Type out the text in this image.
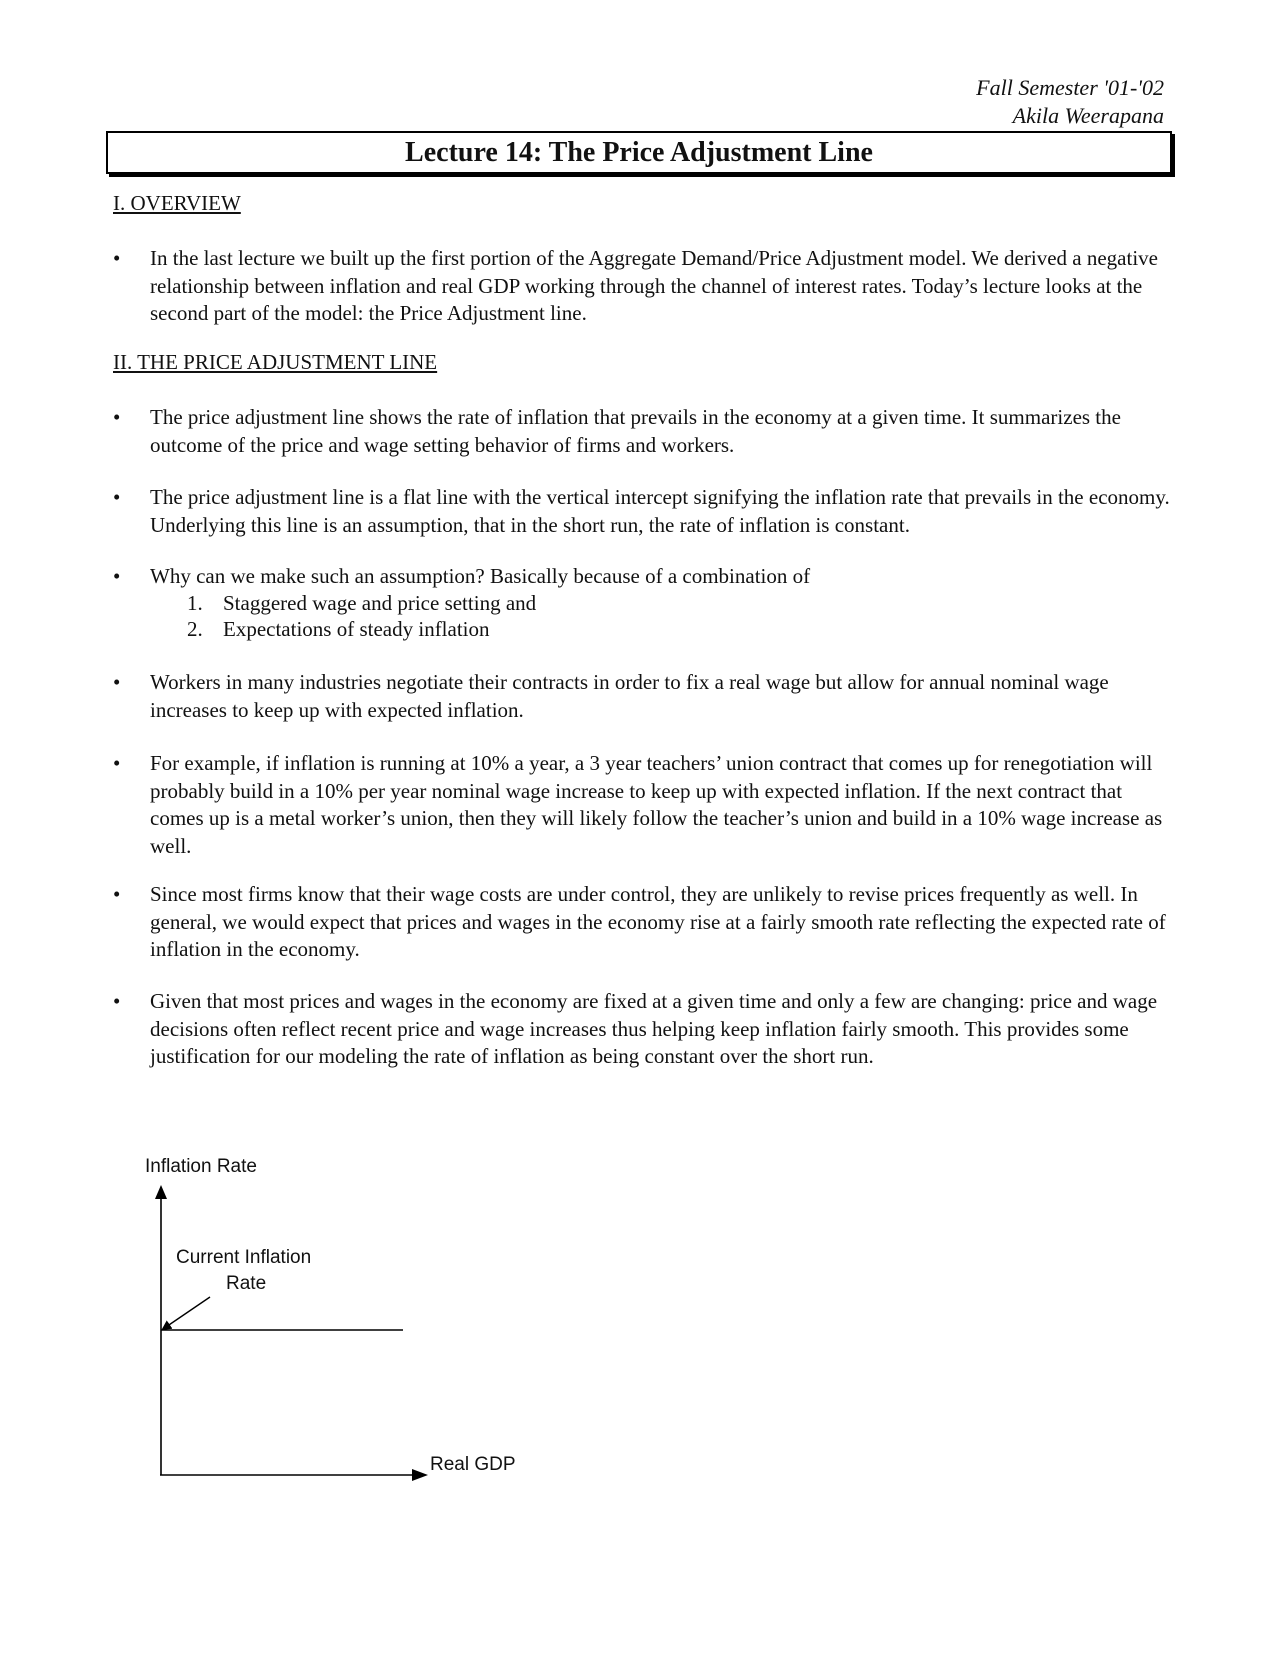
Fall Semester '01-'02
Akila Weerapana
Lecture 14: The Price Adjustment Line
I. OVERVIEW
•	In the last lecture we built up the first portion of the Aggregate Demand/Price Adjustment model. We derived a negative relationship between inflation and real GDP working through the channel of interest rates. Today’s lecture looks at the second part of the model: the Price Adjustment line.
II. THE PRICE ADJUSTMENT LINE
•	The price adjustment line shows the rate of inflation that prevails in the economy at a given time. It summarizes the outcome of the price and wage setting behavior of firms and workers.
•	The price adjustment line is a flat line with the vertical intercept signifying the inflation rate that prevails in the economy. Underlying this line is an assumption, that in the short run, the rate of inflation is constant.
•	Why can we make such an assumption? Basically because of a combination of
1. Staggered wage and price setting and
2. Expectations of steady inflation
•	Workers in many industries negotiate their contracts in order to fix a real wage but allow for annual nominal wage increases to keep up with expected inflation.
•	For example, if inflation is running at 10% a year, a 3 year teachers’ union contract that comes up for renegotiation will probably build in a 10% per year nominal wage increase to keep up with expected inflation. If the next contract that comes up is a metal worker’s union, then they will likely follow the teacher’s union and build in a 10% wage increase as well.
•	Since most firms know that their wage costs are under control, they are unlikely to revise prices frequently as well. In general, we would expect that prices and wages in the economy rise at a fairly smooth rate reflecting the expected rate of inflation in the economy.
•	Given that most prices and wages in the economy are fixed at a given time and only a few are changing: price and wage decisions often reflect recent price and wage increases thus helping keep inflation fairly smooth. This provides some justification for our modeling the rate of inflation as being constant over the short run.
Inflation Rate
Real GDP
Current Inflation
Rate
